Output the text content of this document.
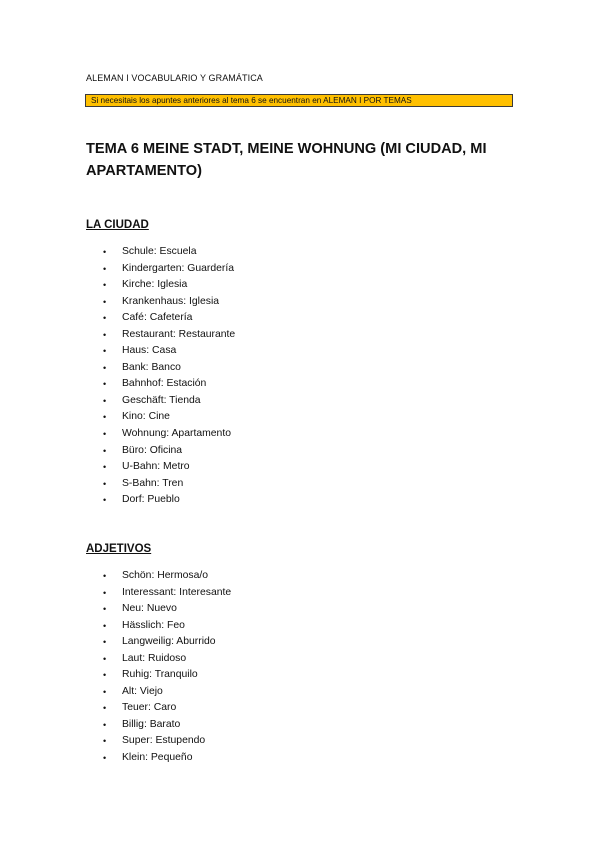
ALEMAN I VOCABULARIO Y GRAMÁTICA
Si necesitais los apuntes anteriores al tema 6 se encuentran en ALEMAN I POR TEMAS
TEMA 6 MEINE STADT, MEINE WOHNUNG (MI CIUDAD, MI APARTAMENTO)
LA CIUDAD
• Schule: Escuela
• Kindergarten: Guardería
• Kirche: Iglesia
• Krankenhaus: Iglesia
• Café: Cafetería
• Restaurant: Restaurante
• Haus: Casa
• Bank: Banco
• Bahnhof: Estación
• Geschäft: Tienda
• Kino: Cine
• Wohnung: Apartamento
• Büro: Oficina
• U-Bahn: Metro
• S-Bahn: Tren
• Dorf: Pueblo
ADJETIVOS
• Schön: Hermosa/o
• Interessant: Interesante
• Neu: Nuevo
• Hässlich: Feo
• Langweilig: Aburrido
• Laut: Ruidoso
• Ruhig: Tranquilo
• Alt: Viejo
• Teuer: Caro
• Billig: Barato
• Super: Estupendo
• Klein: Pequeño
